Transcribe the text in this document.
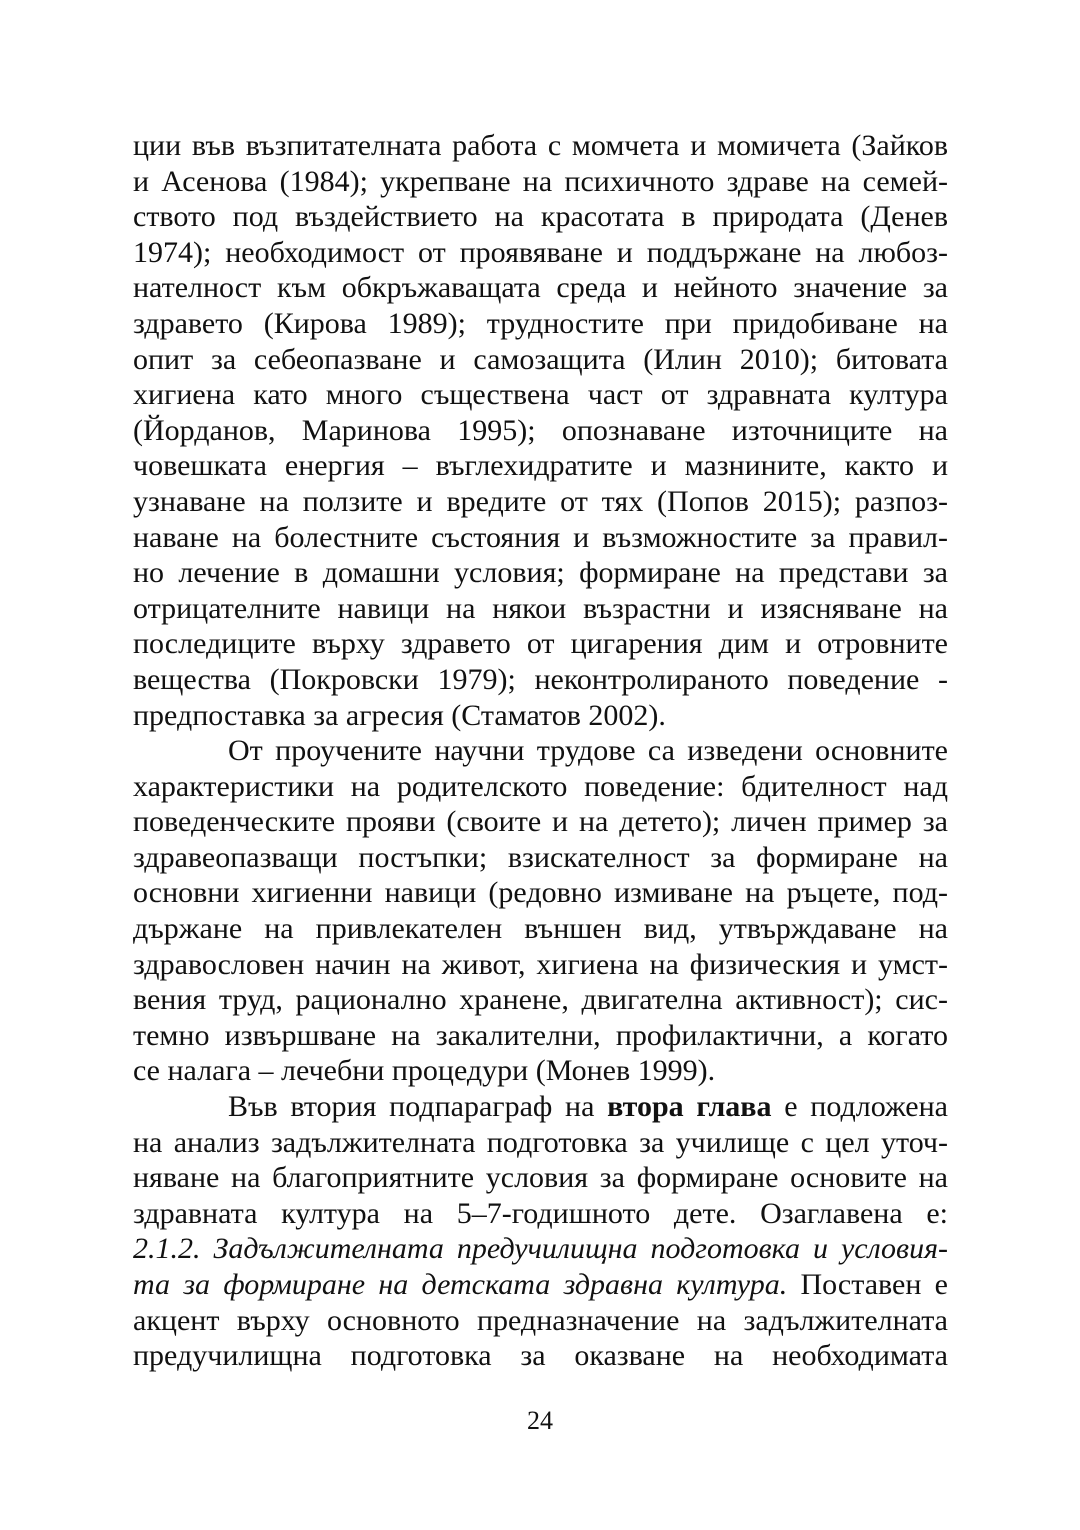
ции във възпитателната работа с момчета и момичета (Зайков
и Асенова (1984); укрепване на психичното здраве на семей-
ството под въздействието на красотата в природата (Денев
1974); необходимост от проявяване и поддържане на любоз-
нателност към обкръжаващата среда и нейното значение за
здравето (Кирова 1989); трудностите при придобиване на
опит за себеопазване и самозащита (Илин 2010); битовата
хигиена като много съществена част от здравната култура
(Йорданов, Маринова 1995); опознаване източниците на
човешката енергия – въглехидратите и мазнините, както и
узнаване на ползите и вредите от тях (Попов 2015); разпоз-
наване на болестните състояния и възможностите за правил-
но лечение в домашни условия; формиране на представи за
отрицателните навици на някои възрастни и изясняване на
последиците върху здравето от цигарения дим и отровните
вещества (Покровски 1979); неконтролираното поведение -
предпоставка за агресия (Стаматов 2002).
От проучените научни трудове са изведени основните
характеристики на родителското поведение: бдителност над
поведенческите прояви (своите и на детето); личен пример за
здравеопазващи постъпки; взискателност за формиране на
основни хигиенни навици (редовно измиване на ръцете, под-
държане на привлекателен външен вид, утвърждаване на
здравословен начин на живот, хигиена на физическия и умст-
вения труд, рационално хранене, двигателна активност); сис-
темно извършване на закалителни, профилактични, а когато
се налага – лечебни процедури (Монев 1999).
Във втория подпараграф на втора глава е подложена
на анализ задължителната подготовка за училище с цел уточ-
няване на благоприятните условия за формиране основите на
здравната култура на 5–7-годишното дете. Озаглавена е:
2.1.2. Задължителната предучилищна подготовка и условия-
та за формиране на детската здравна култура. Поставен е
акцент върху основното предназначение на задължителната
предучилищна подготовка за оказване на необходимата
24
